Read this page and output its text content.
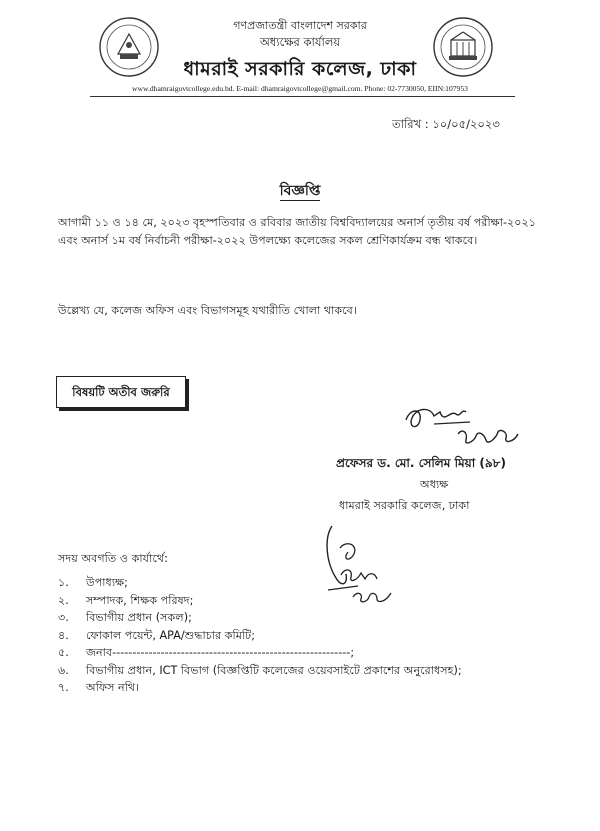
গণপ্রজাতন্ত্রী বাংলাদেশ সরকার
অধ্যক্ষের কার্যালয়
ধামরাই সরকারি কলেজ, ঢাকা
www.dhamraigovtcollege.edu.bd. E-mail: dhamraigovtcollege@gmail.com. Phone: 02-7730050, EIIN:107953
তারিখ : ১০/০৫/২০২৩
বিজ্ঞপ্তি
আগামী ১১ ও ১৪ মে, ২০২৩ বৃহস্পতিবার ও রবিবার জাতীয় বিশ্ববিদ্যালয়ের অনার্স তৃতীয় বর্ষ পরীক্ষা-২০২১ এবং অনার্স ১ম বর্ষ নির্বাচনী পরীক্ষা-২০২২ উপলক্ষ্যে কলেজের সকল শ্রেণিকার্যক্রম বন্ধ থাকবে।
উল্লেখ্য যে, কলেজ অফিস এবং বিভাগসমূহ যথারীতি খোলা থাকবে।
বিষয়টি অতীব জরুরি
প্রফেসর ড. মো. সেলিম মিয়া (৯৮)
অধ্যক্ষ
ধামরাই সরকারি কলেজ, ঢাকা
সদয় অবগতি ও কার্যার্থে:
১.	উপাধ্যক্ষ;
২.	সম্পাদক, শিক্ষক পরিষদ;
৩.	বিভাগীয় প্রধান (সকল);
৪.	ফোকাল পয়েন্ট, APA/শুদ্ধাচার কমিটি;
৫.	জনাব-----------------------------------------------------------;
৬.	বিভাগীয় প্রধান, ICT বিভাগ (বিজ্ঞপ্তিটি কলেজের ওয়েবসাইটে প্রকাশের অনুরোধসহ);
৭.	অফিস নথি।
